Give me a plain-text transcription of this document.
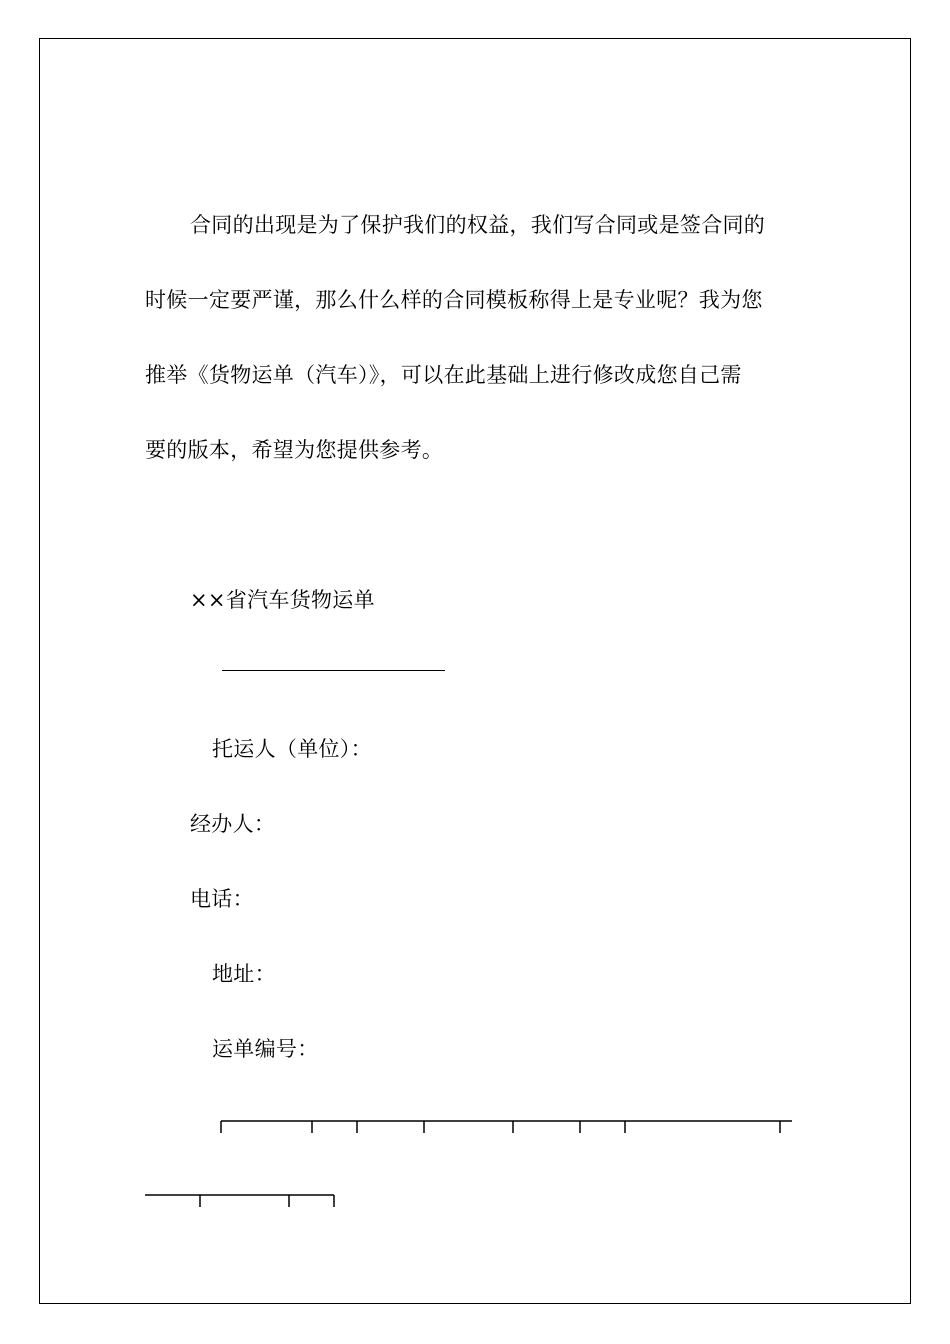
合同的出现是为了保护我们的权益，我们写合同或是签合同的
时候一定要严谨，那么什么样的合同模板称得上是专业呢？我为您
推举《货物运单（汽车）》，可以在此基础上进行修改成您自己需
要的版本，希望为您提供参考。
××省汽车货物运单
托运人（单位）：
经办人：
电话：
地址：
运单编号：
